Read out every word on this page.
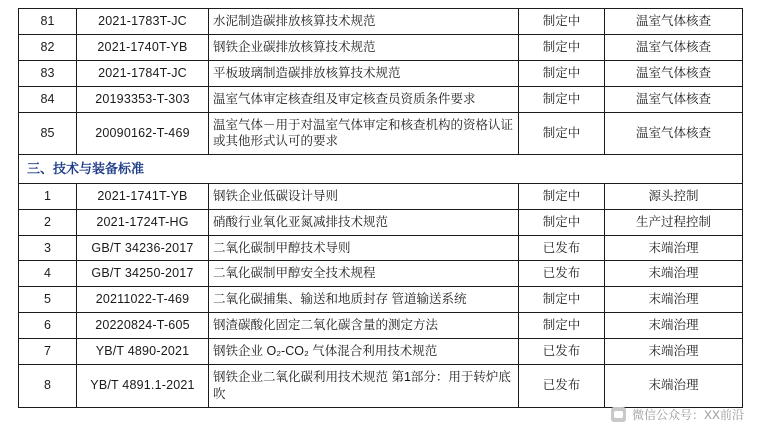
81	2021-1783T-JC	水泥制造碳排放核算技术规范	制定中	温室气体核查
82	2021-1740T-YB	钢铁企业碳排放核算技术规范	制定中	温室气体核查
83	2021-1784T-JC	平板玻璃制造碳排放核算技术规范	制定中	温室气体核查
84	20193353-T-303	温室气体审定核查组及审定核查员资质条件要求	制定中	温室气体核查
85	20090162-T-469	温室气体－用于对温室气体审定和核查机构的资格认证或其他形式认可的要求	制定中	温室气体核查
三、技术与装备标准				
1	2021-1741T-YB	钢铁企业低碳设计导则	制定中	源头控制
2	2021-1724T-HG	硝酸行业氧化亚氮减排技术规范	制定中	生产过程控制
3	GB/T 34236-2017	二氧化碳制甲醇技术导则	已发布	末端治理
4	GB/T 34250-2017	二氧化碳制甲醇安全技术规程	已发布	末端治理
5	20211022-T-469	二氧化碳捕集、输送和地质封存 管道输送系统	制定中	末端治理
6	20220824-T-605	钢渣碳酸化固定二氧化碳含量的测定方法	制定中	末端治理
7	YB/T 4890-2021	钢铁企业 O₂-CO₂ 气体混合利用技术规范	已发布	末端治理
8	YB/T 4891.1-2021	钢铁企业二氧化碳利用技术规范 第1部分：用于转炉底吹	已发布	末端治理
微信公众号：XX前沿
